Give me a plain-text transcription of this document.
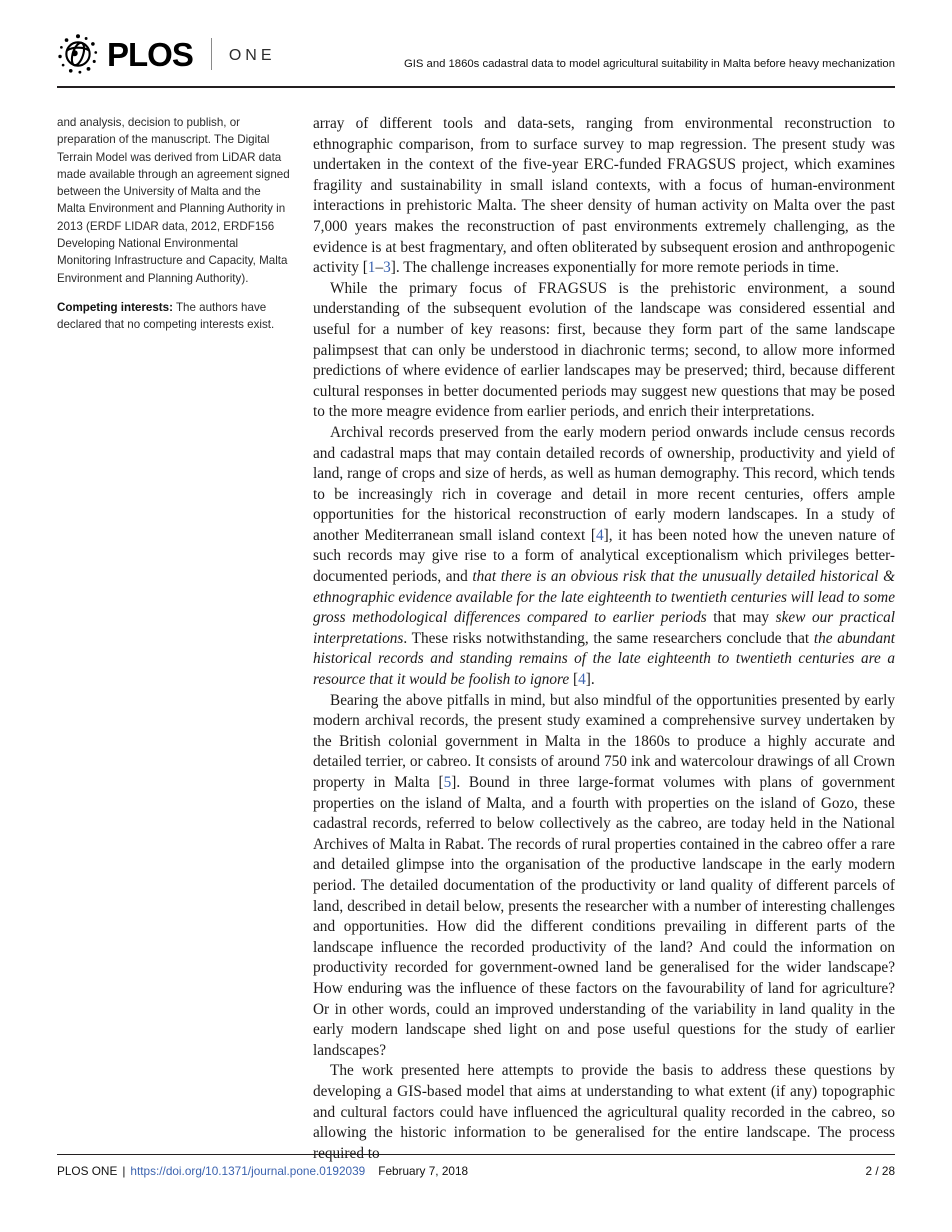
PLOS ONE	GIS and 1860s cadastral data to model agricultural suitability in Malta before heavy mechanization

and analysis, decision to publish, or preparation of the manuscript. The Digital Terrain Model was derived from LiDAR data made available through an agreement signed between the University of Malta and the Malta Environment and Planning Authority in 2013 (ERDF LIDAR data, 2012, ERDF156 Developing National Environmental Monitoring Infrastructure and Capacity, Malta Environment and Planning Authority).

Competing interests: The authors have declared that no competing interests exist.

array of different tools and data-sets, ranging from environmental reconstruction to ethnographic comparison, from to surface survey to map regression. The present study was undertaken in the context of the five-year ERC-funded FRAGSUS project, which examines fragility and sustainability in small island contexts, with a focus of human-environment interactions in prehistoric Malta. The sheer density of human activity on Malta over the past 7,000 years makes the reconstruction of past environments extremely challenging, as the evidence is at best fragmentary, and often obliterated by subsequent erosion and anthropogenic activity [1–3]. The challenge increases exponentially for more remote periods in time.

While the primary focus of FRAGSUS is the prehistoric environment, a sound understanding of the subsequent evolution of the landscape was considered essential and useful for a number of key reasons: first, because they form part of the same landscape palimpsest that can only be understood in diachronic terms; second, to allow more informed predictions of where evidence of earlier landscapes may be preserved; third, because different cultural responses in better documented periods may suggest new questions that may be posed to the more meagre evidence from earlier periods, and enrich their interpretations.

Archival records preserved from the early modern period onwards include census records and cadastral maps that may contain detailed records of ownership, productivity and yield of land, range of crops and size of herds, as well as human demography. This record, which tends to be increasingly rich in coverage and detail in more recent centuries, offers ample opportunities for the historical reconstruction of early modern landscapes. In a study of another Mediterranean small island context [4], it has been noted how the uneven nature of such records may give rise to a form of analytical exceptionalism which privileges better-documented periods, and that there is an obvious risk that the unusually detailed historical & ethnographic evidence available for the late eighteenth to twentieth centuries will lead to some gross methodological differences compared to earlier periods that may skew our practical interpretations. These risks notwithstanding, the same researchers conclude that the abundant historical records and standing remains of the late eighteenth to twentieth centuries are a resource that it would be foolish to ignore [4].

Bearing the above pitfalls in mind, but also mindful of the opportunities presented by early modern archival records, the present study examined a comprehensive survey undertaken by the British colonial government in Malta in the 1860s to produce a highly accurate and detailed terrier, or cabreo. It consists of around 750 ink and watercolour drawings of all Crown property in Malta [5]. Bound in three large-format volumes with plans of government properties on the island of Malta, and a fourth with properties on the island of Gozo, these cadastral records, referred to below collectively as the cabreo, are today held in the National Archives of Malta in Rabat. The records of rural properties contained in the cabreo offer a rare and detailed glimpse into the organisation of the productive landscape in the early modern period. The detailed documentation of the productivity or land quality of different parcels of land, described in detail below, presents the researcher with a number of interesting challenges and opportunities. How did the different conditions prevailing in different parts of the landscape influence the recorded productivity of the land? And could the information on productivity recorded for government-owned land be generalised for the wider landscape? How enduring was the influence of these factors on the favourability of land for agriculture? Or in other words, could an improved understanding of the variability in land quality in the early modern landscape shed light on and pose useful questions for the study of earlier landscapes?

The work presented here attempts to provide the basis to address these questions by developing a GIS-based model that aims at understanding to what extent (if any) topographic and cultural factors could have influenced the agricultural quality recorded in the cabreo, so allowing the historic information to be generalised for the entire landscape. The process required to

PLOS ONE | https://doi.org/10.1371/journal.pone.0192039 February 7, 2018	2 / 28
